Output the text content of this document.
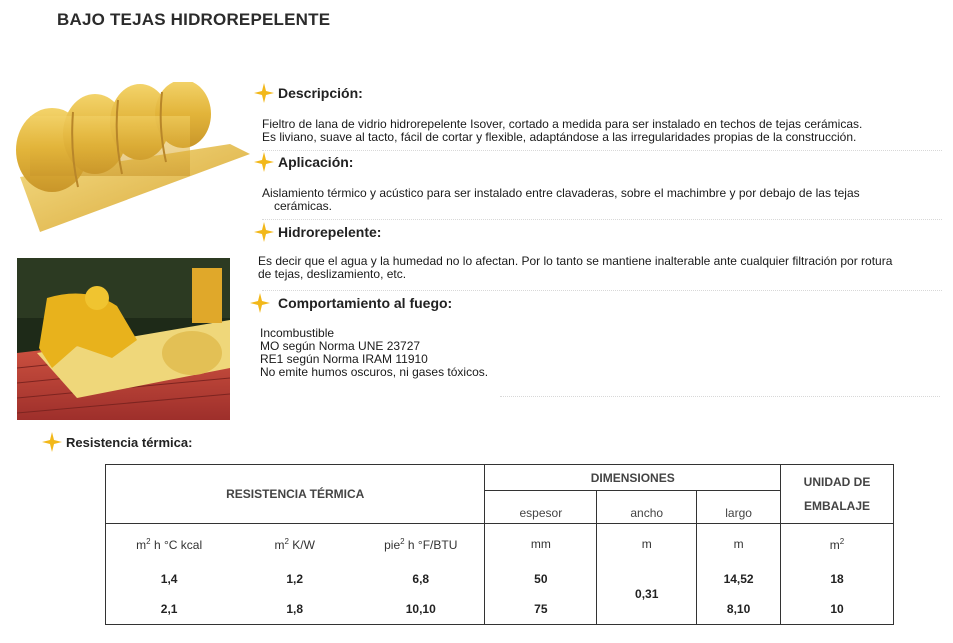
BAJO TEJAS HIDROREPELENTE
Descripción:

Fieltro de lana de vidrio hidrorepelente Isover, cortado a medida para ser instalado en techos de tejas cerámicas.

Es liviano, suave al tacto, fácil de cortar y flexible, adaptándose a las irregularidades propias de la construcción.

Aplicación:

Aislamiento térmico y acústico para ser instalado entre clavaderas, sobre el machimbre y por debajo de las tejas

cerámicas.

Hidrorepelente:

Es decir que el agua y la humedad no lo afectan. Por lo tanto se mantiene inalterable ante cualquier filtración por rotura

de tejas, deslizamiento, etc.

Comportamiento al fuego:

Incombustible

MO según Norma UNE 23727

RE1 según Norma IRAM 11910

No emite humos oscuros, ni gases tóxicos.

Resistencia térmica:
RESISTENCIA TÉRMICA			DIMENSIONES			UNIDAD DE
EMBALAJE

			espesor	ancho	largo	
$m^2$ h °C kcal	$m^2$ K/W	pie$^2$ h °F/BTU	mm	m	m	$m^2$
1,4	1,2	6,8	50	0,31	14,52	18
2,1	1,8	10,10	75		8,10	10
